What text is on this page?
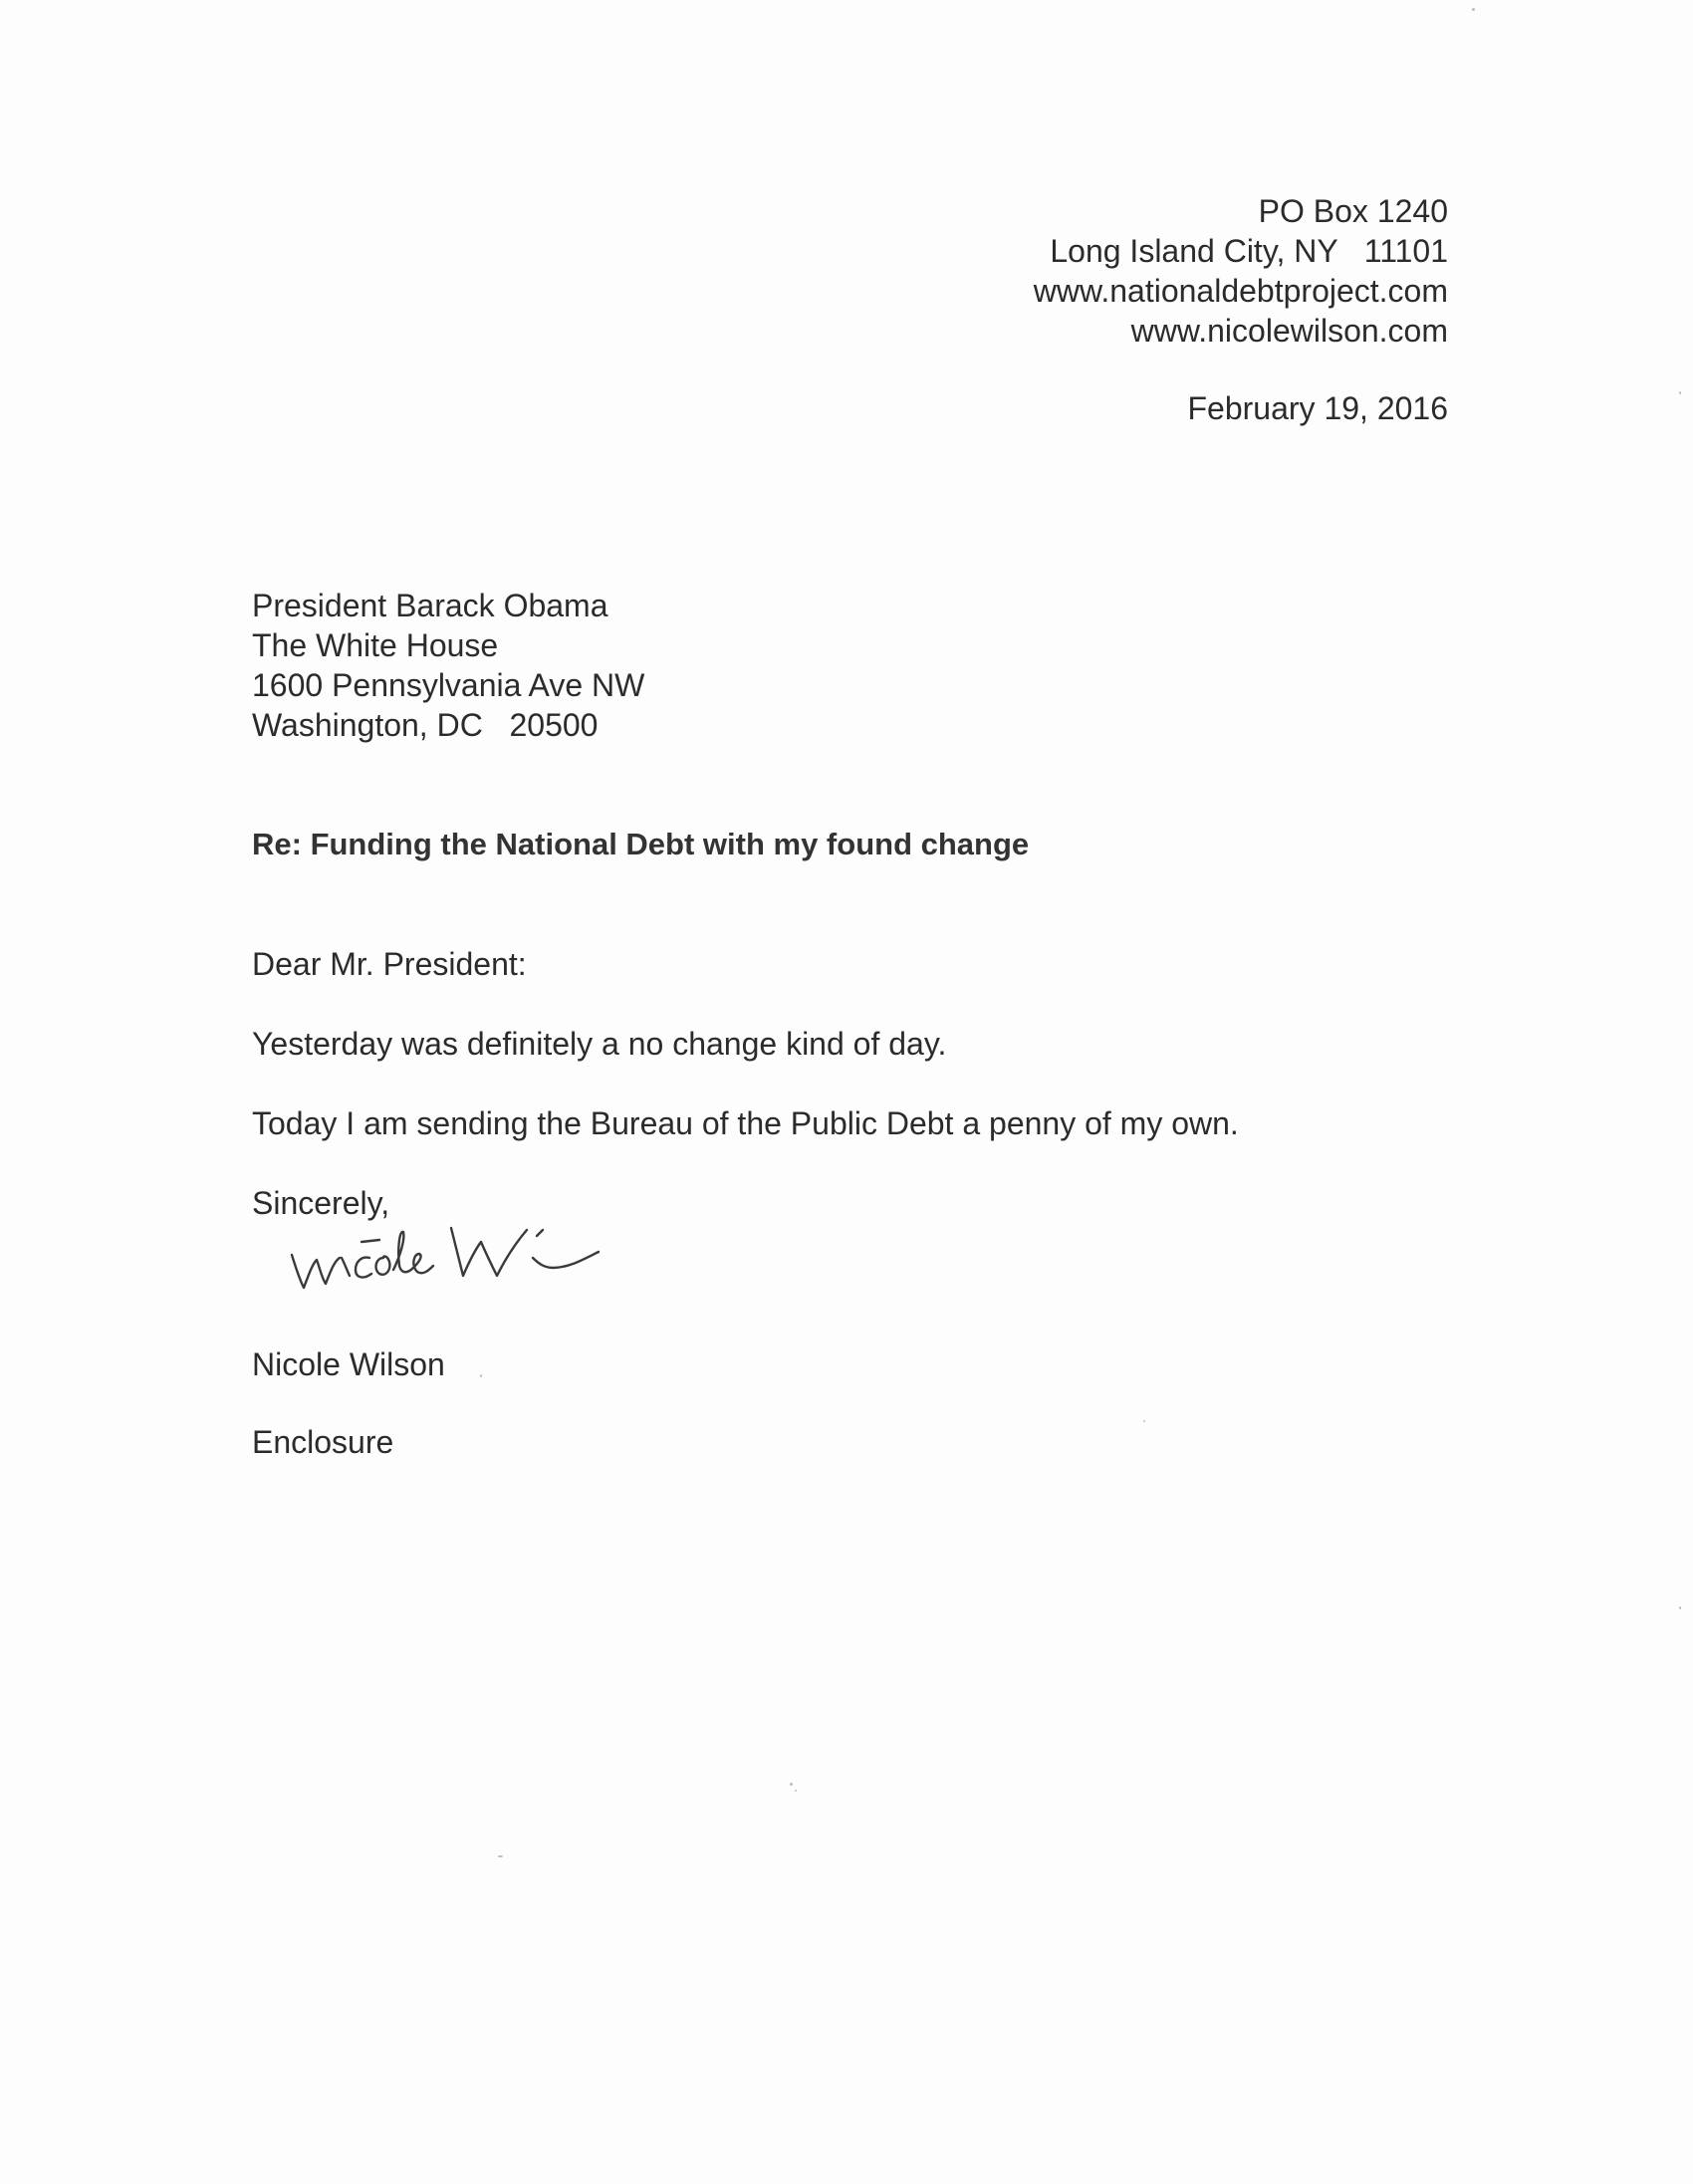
PO Box 1240
Long Island City, NY   11101
www.nationaldebtproject.com
www.nicolewilson.com
February 19, 2016
President Barack Obama
The White House
1600 Pennsylvania Ave NW
Washington, DC   20500
Re: Funding the National Debt with my found change
Dear Mr. President:
Yesterday was definitely a no change kind of day.
Today I am sending the Bureau of the Public Debt a penny of my own.
Sincerely,
Nicole Wilson
Enclosure
